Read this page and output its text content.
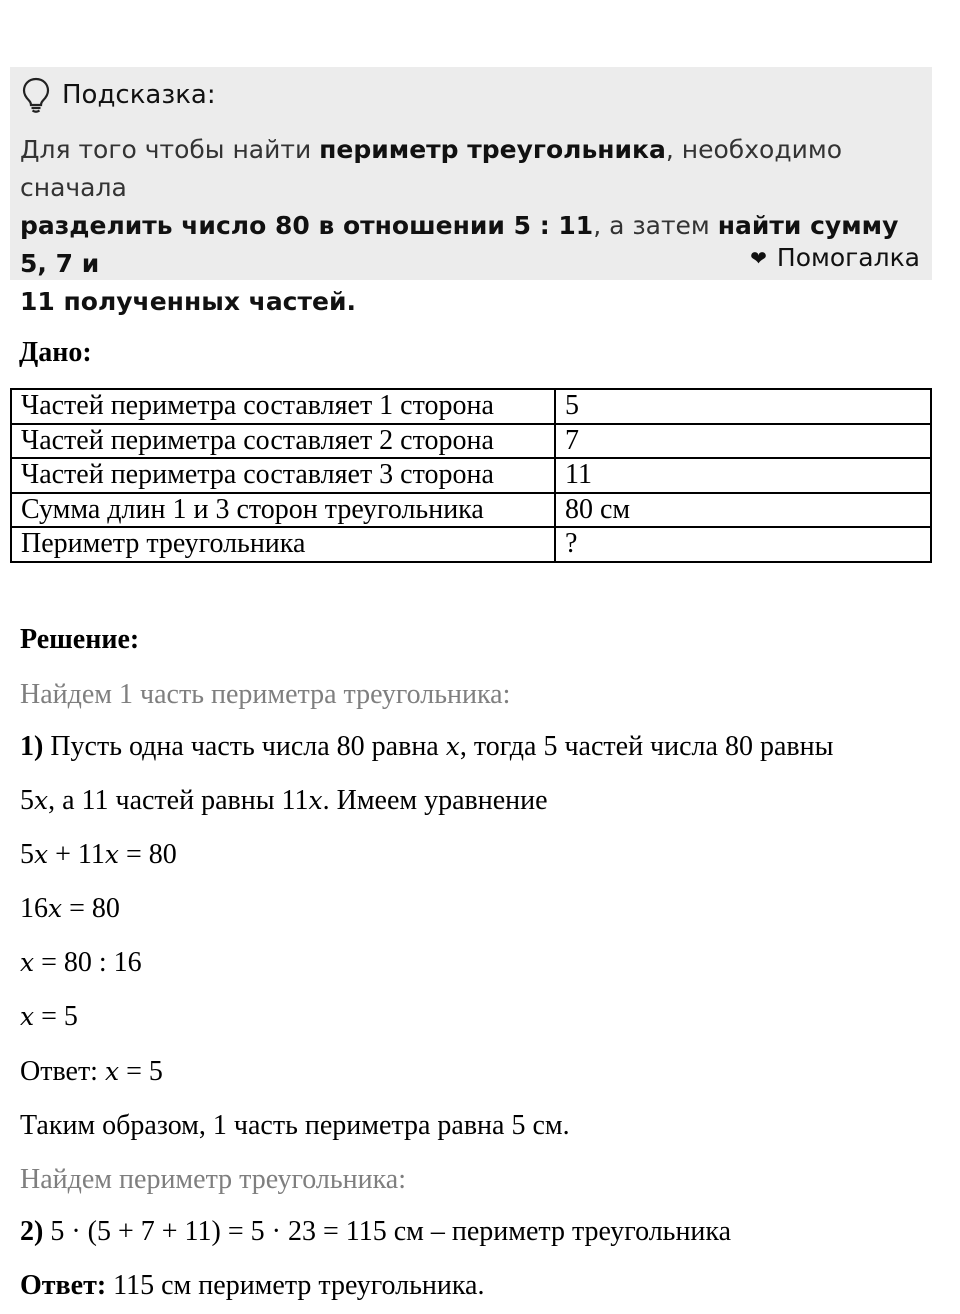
Подсказка:
Для того чтобы найти периметр треугольника, необходимо сначала
разделить число 80 в отношении 5 : 11, а затем найти сумму 5, 7 и
11 полученных частей.
❤ Помогалка
Дано:
Частей периметра составляет 1 сторона	5
Частей периметра составляет 2 сторона	7
Частей периметра составляет 3 сторона	11
Сумма длин 1 и 3 сторон треугольника	80 см
Периметр треугольника	?
Решение:
Найдем 1 часть периметра треугольника:
1) Пусть одна часть числа 80 равна x, тогда 5 частей числа 80 равны
5x, а 11 частей равны 11x. Имеем уравнение
5x + 11x = 80
16x = 80
x = 80 : 16
x = 5
Ответ: x = 5
Таким образом, 1 часть периметра равна 5 см.
Найдем периметр треугольника:
2) 5 · (5 + 7 + 11) = 5 · 23 = 115 см – периметр треугольника
Ответ: 115 см периметр треугольника.
